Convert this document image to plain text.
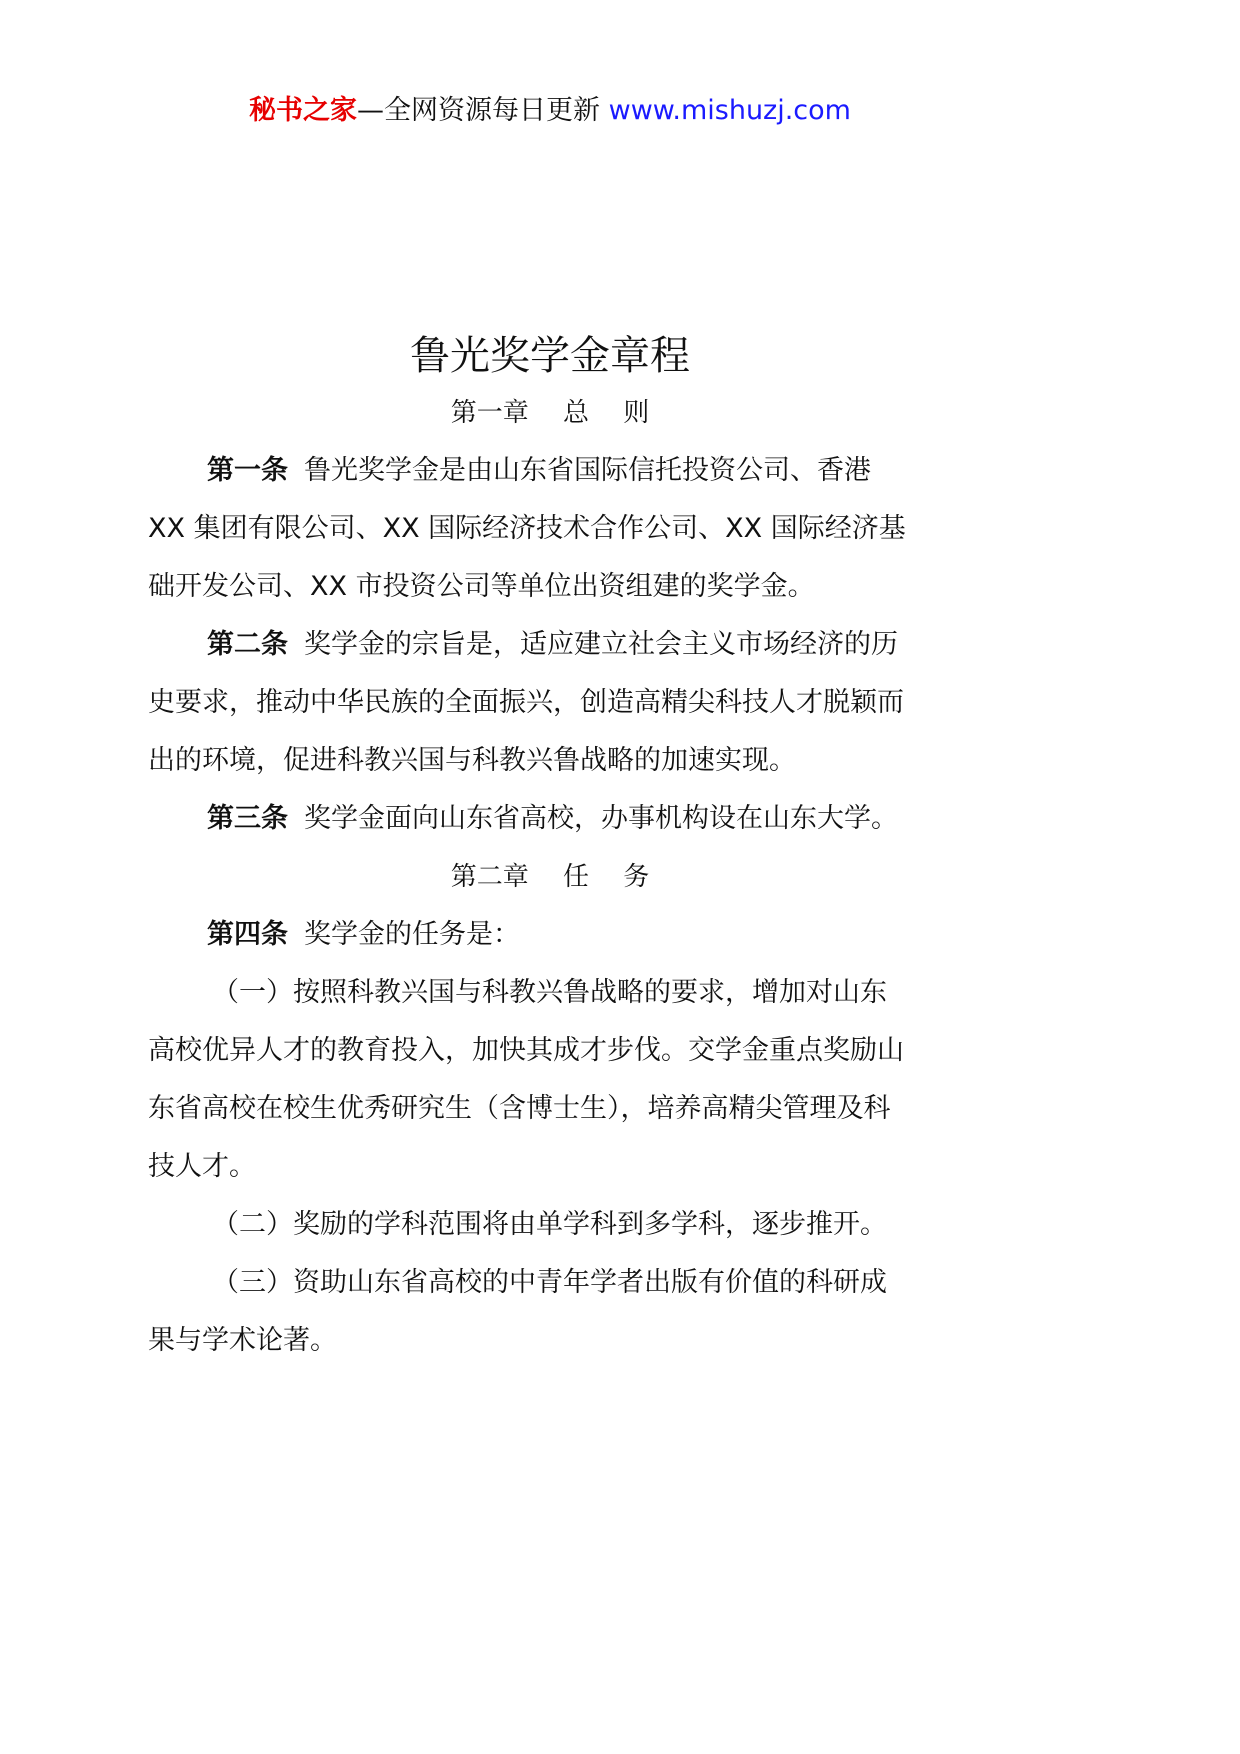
秘书之家—全网资源每日更新 www.mishuzj.com
鲁光奖学金章程
第一章　 总　 则
第一条 鲁光奖学金是由山东省国际信托投资公司、香港
XX 集团有限公司、XX 国际经济技术合作公司、XX 国际经济基
础开发公司、XX 市投资公司等单位出资组建的奖学金。
第二条 奖学金的宗旨是，适应建立社会主义市场经济的历
史要求，推动中华民族的全面振兴，创造高精尖科技人才脱颖而
出的环境，促进科教兴国与科教兴鲁战略的加速实现。
第三条 奖学金面向山东省高校，办事机构设在山东大学。
第二章　 任　 务
第四条 奖学金的任务是：
（一）按照科教兴国与科教兴鲁战略的要求，增加对山东
高校优异人才的教育投入，加快其成才步伐。交学金重点奖励山
东省高校在校生优秀研究生（含博士生），培养高精尖管理及科
技人才。
（二）奖励的学科范围将由单学科到多学科，逐步推开。
（三）资助山东省高校的中青年学者出版有价值的科研成
果与学术论著。
